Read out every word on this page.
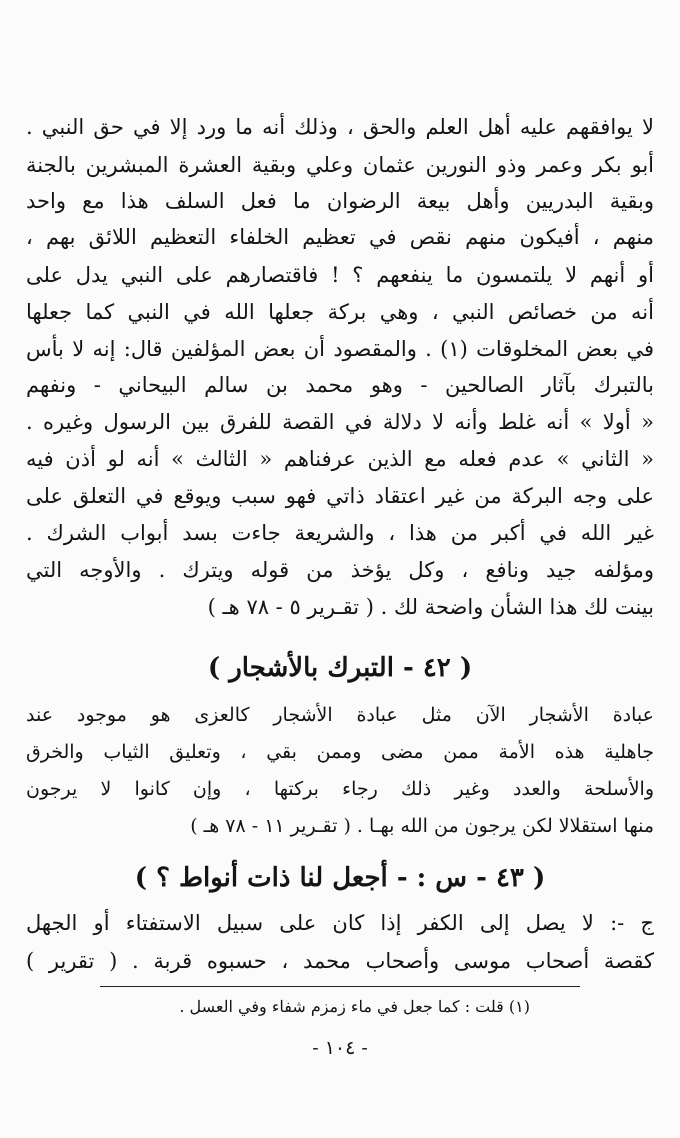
لا يوافقهم عليه أهل العلم والحق ، وذلك أنه ما ورد إلا في حق النبي .
أبو بكر وعمر وذو النورين عثمان وعلي وبقية العشرة المبشرين بالجنة
وبقية البدريين وأهل بيعة الرضوان ما فعل السلف هذا مع واحد
منهم ، أفيكون منهم نقص في تعظيم الخلفاء التعظيم اللائق بهم ،
أو أنهم لا يلتمسون ما ينفعهم ؟ ! فاقتصارهم على النبي يدل على
أنه من خصائص النبي ، وهي بركة جعلها الله في النبي كما جعلها
في بعض المخلوقات (١) . والمقصود أن بعض المؤلفين قال: إنه لا بأس
بالتبرك بآثار الصالحين - وهو محمد بن سالم البيحاني - ونفهم
« أولا » أنه غلط وأنه لا دلالة في القصة للفرق بين الرسول وغيره .
« الثاني » عدم فعله مع الذين عرفناهم « الثالث » أنه لو أذن فيه
على وجه البركة من غير اعتقاد ذاتي فهو سبب ويوقع في التعلق على
غير الله في أكبر من هذا ، والشريعة جاءت بسد أبواب الشرك .
ومؤلفه جيد ونافع ، وكل يؤخذ من قوله ويترك . والأوجه التي
بينت لك هذا الشأن واضحة لك . ( تقـرير ٥ - ٧٨ هـ )
( ٤٢ - التبرك بالأشجار )
عبادة الأشجار الآن مثل عبادة الأشجار كالعزى هو موجود عند
جاهلية هذه الأمة ممن مضى وممن بقي ، وتعليق الثياب والخرق
والأسلحة والعدد وغير ذلك رجاء بركتها ، وإن كانوا لا يرجون
منها استقلالا لكن يرجون من الله بهـا . ( تقـرير ١١ - ٧٨ هـ )
( ٤٣ - س : - أجعل لنا ذات أنواط ؟ )
ج -: لا يصل إلى الكفر إذا كان على سبيل الاستفتاء أو الجهل
كقصة أصحاب موسى وأصحاب محمد ، حسبوه قربة . ( تقرير )
(١) قلت : كما جعل في ماء زمزم شفاء وفي العسل .
- ١٠٤ -
